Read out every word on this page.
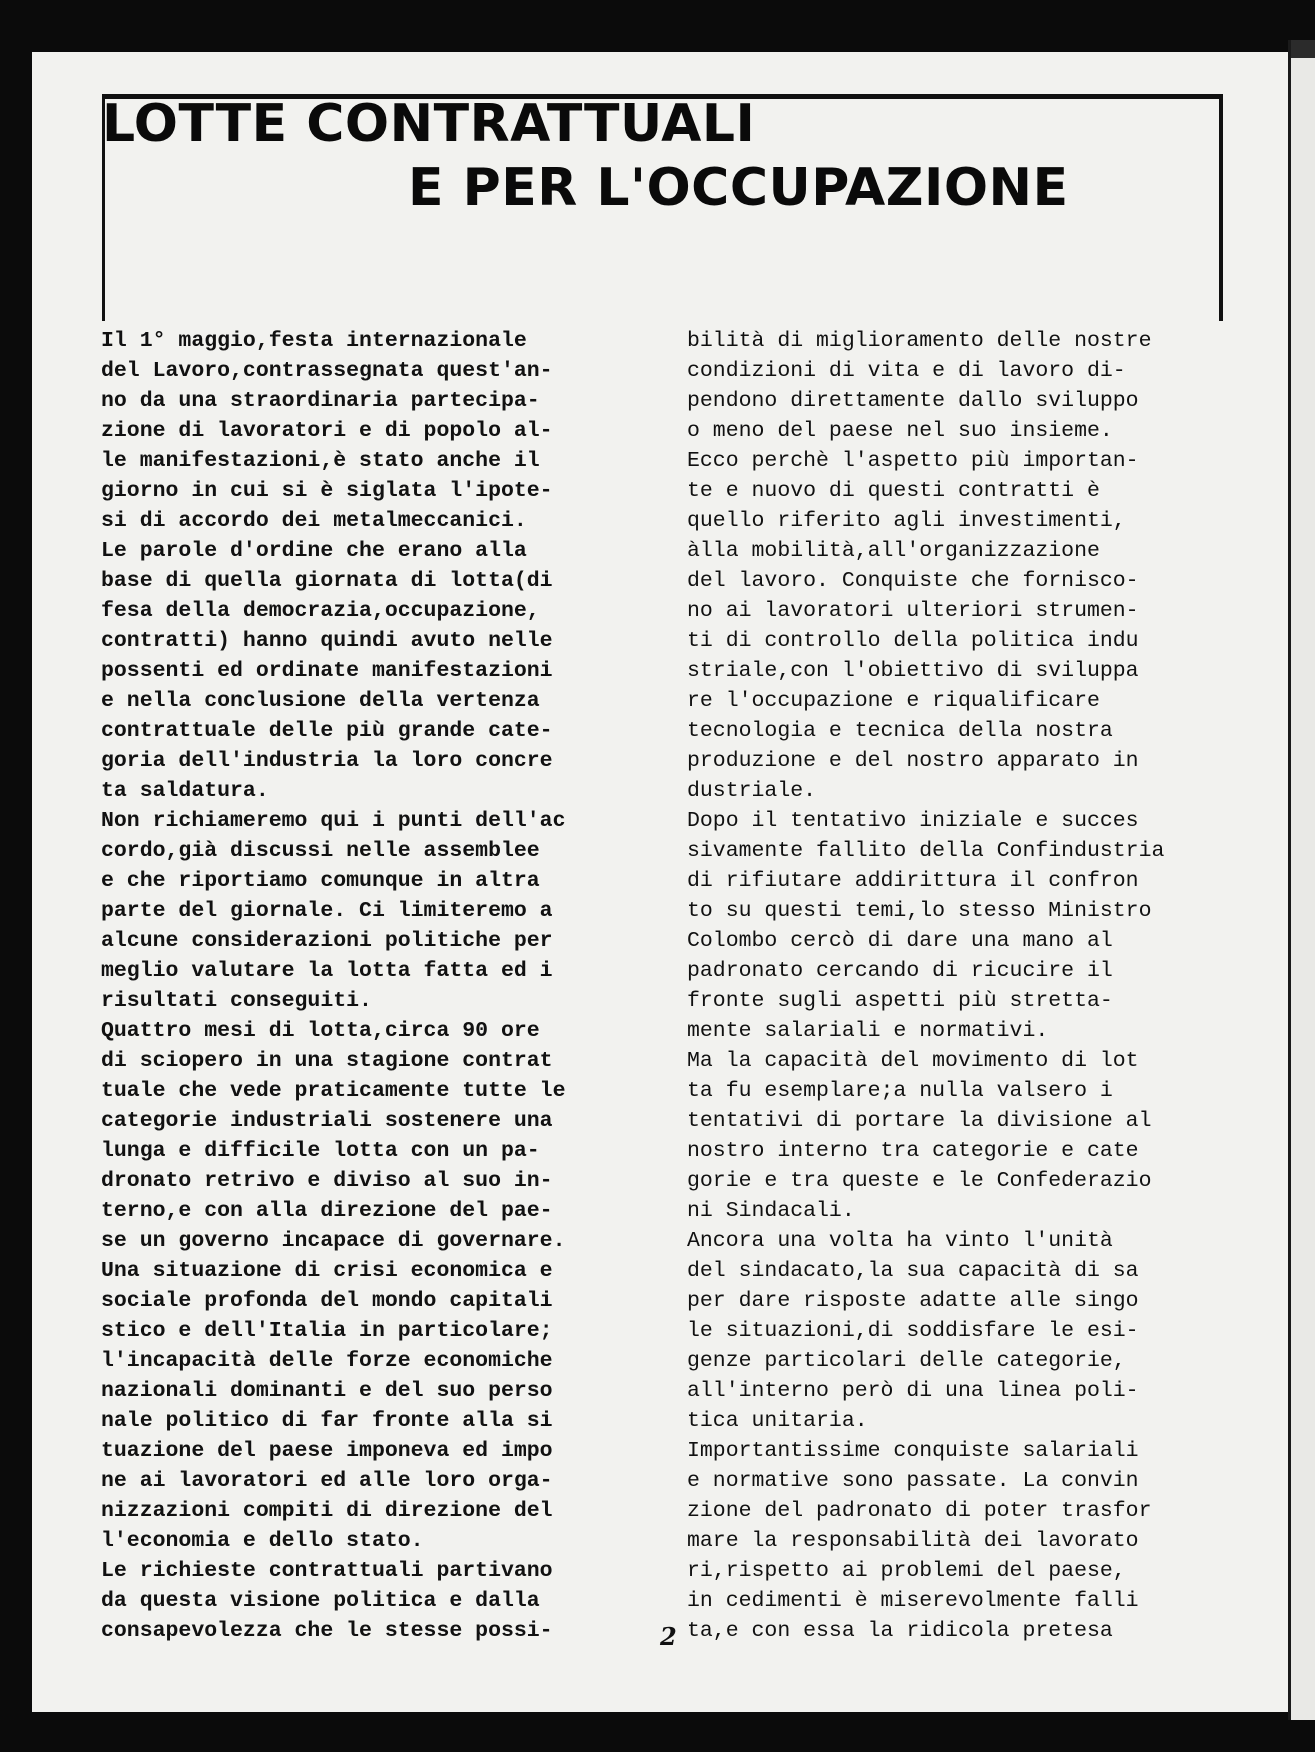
LOTTE CONTRATTUALI
E PER L'OCCUPAZIONE

Il 1° maggio,festa internazionale

del Lavoro,contrassegnata quest'an-

no da una straordinaria partecipa-

zione di lavoratori e di popolo al-

le manifestazioni,è stato anche il

giorno in cui si è siglata l'ipote-

si di accordo dei metalmeccanici.

Le parole d'ordine che erano alla

base di quella giornata di lotta(di

fesa della democrazia,occupazione,

contratti) hanno quindi avuto nelle

possenti ed ordinate manifestazioni

e nella conclusione della vertenza

contrattuale delle più grande cate-

goria dell'industria la loro concre

ta saldatura.

Non richiameremo qui i punti dell'ac

cordo,già discussi nelle assemblee

e che riportiamo comunque in altra

parte del giornale. Ci limiteremo a

alcune considerazioni politiche per

meglio valutare la lotta fatta ed i

risultati conseguiti.

Quattro mesi di lotta,circa 90 ore

di sciopero in una stagione contrat

tuale che vede praticamente tutte le

categorie industriali sostenere una

lunga e difficile lotta con un pa-

dronato retrivo e diviso al suo in-

terno,e con alla direzione del pae-

se un governo incapace di governare.

Una situazione di crisi economica e

sociale profonda del mondo capitali

stico e dell'Italia in particolare;

l'incapacità delle forze economiche

nazionali dominanti e del suo perso

nale politico di far fronte alla si

tuazione del paese imponeva ed impo

ne ai lavoratori ed alle loro orga-

nizzazioni compiti di direzione del

l'economia e dello stato.

Le richieste contrattuali partivano

da questa visione politica e dalla

consapevolezza che le stesse possi-

bilità di miglioramento delle nostre

condizioni di vita e di lavoro di-

pendono direttamente dallo sviluppo

o meno del paese nel suo insieme.

Ecco perchè l'aspetto più importan-

te e nuovo di questi contratti è

quello riferito agli investimenti,

àlla mobilità,all'organizzazione

del lavoro. Conquiste che fornisco-

no ai lavoratori ulteriori strumen-

ti di controllo della politica indu

striale,con l'obiettivo di sviluppa

re l'occupazione e riqualificare

tecnologia e tecnica della nostra

produzione e del nostro apparato in

dustriale.

Dopo il tentativo iniziale e succes

sivamente fallito della Confindustria

di rifiutare addirittura il confron

to su questi temi,lo stesso Ministro

Colombo cercò di dare una mano al

padronato cercando di ricucire il

fronte sugli aspetti più stretta-

mente salariali e normativi.

Ma la capacità del movimento di lot

ta fu esemplare;a nulla valsero i

tentativi di portare la divisione al

nostro interno tra categorie e cate

gorie e tra queste e le Confederazio

ni Sindacali.

Ancora una volta ha vinto l'unità

del sindacato,la sua capacità di sa

per dare risposte adatte alle singo

le situazioni,di soddisfare le esi-

genze particolari delle categorie,

all'interno però di una linea poli-

tica unitaria.

Importantissime conquiste salariali

e normative sono passate. La convin

zione del padronato di poter trasfor

mare la responsabilità dei lavorato

ri,rispetto ai problemi del paese,

in cedimenti è miserevolmente falli

ta,e con essa la ridicola pretesa

2
